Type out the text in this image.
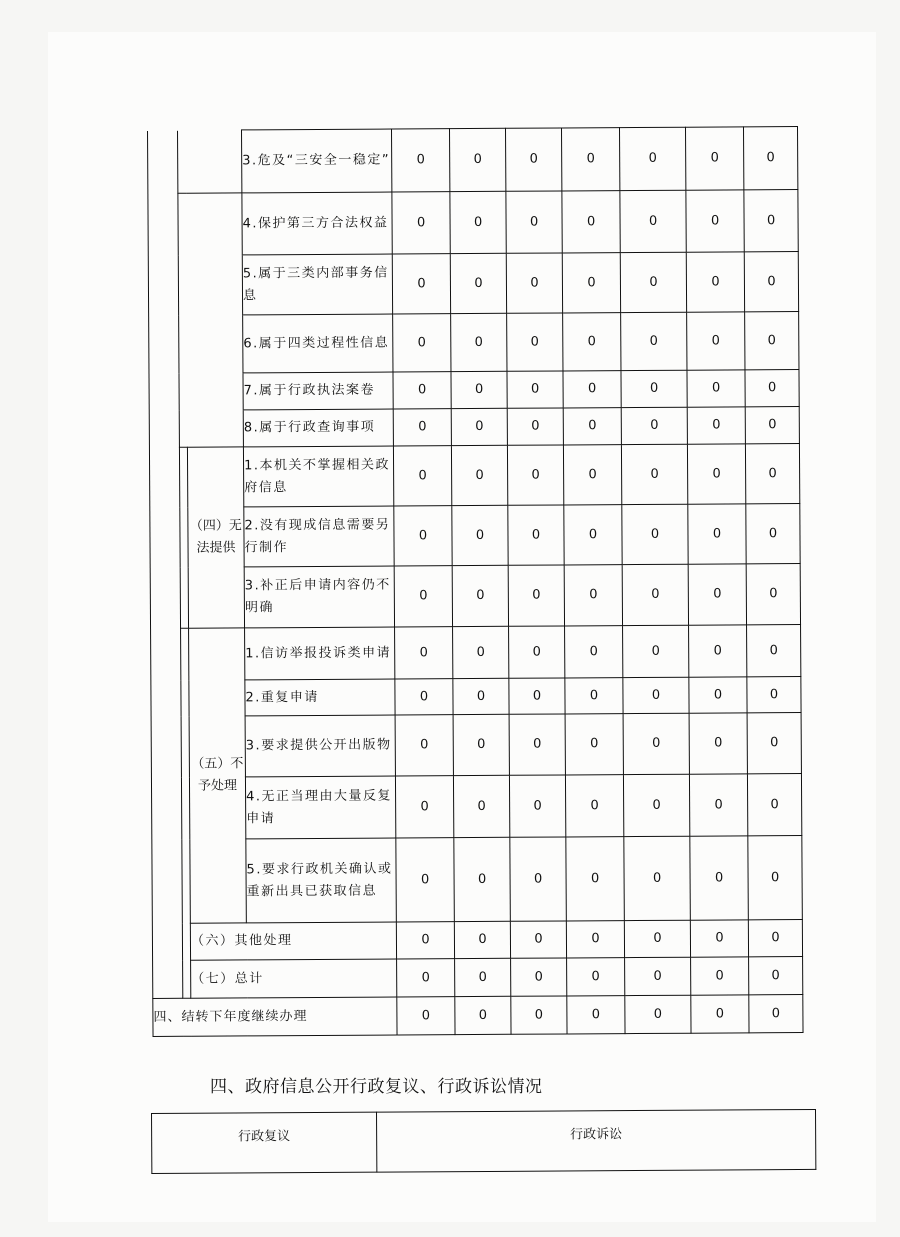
			3.危及“三安全一稳定”	0	0	0	0	0	0	0
			4.保护第三方合法权益	0	0	0	0	0	0	0
			5.属于三类内部事务信息	0	0	0	0	0	0	0
			6.属于四类过程性信息	0	0	0	0	0	0	0
			7.属于行政执法案卷	0	0	0	0	0	0	0
			8.属于行政查询事项	0	0	0	0	0	0	0
		（四）无法提供	1.本机关不掌握相关政府信息	0	0	0	0	0	0	0
			2.没有现成信息需要另行制作	0	0	0	0	0	0	0
			3.补正后申请内容仍不明确	0	0	0	0	0	0	0
		（五）不予处理	1.信访举报投诉类申请	0	0	0	0	0	0	0
			2.重复申请	0	0	0	0	0	0	0
			3.要求提供公开出版物	0	0	0	0	0	0	0
			4.无正当理由大量反复申请	0	0	0	0	0	0	0
			5.要求行政机关确认或重新出具已获取信息	0	0	0	0	0	0	0
		（六）其他处理		0	0	0	0	0	0	0
		（七）总计		0	0	0	0	0	0	0
四、结转下年度继续办理				0	0	0	0	0	0	0
四、政府信息公开行政复议、行政诉讼情况
行政复议	行政诉讼
